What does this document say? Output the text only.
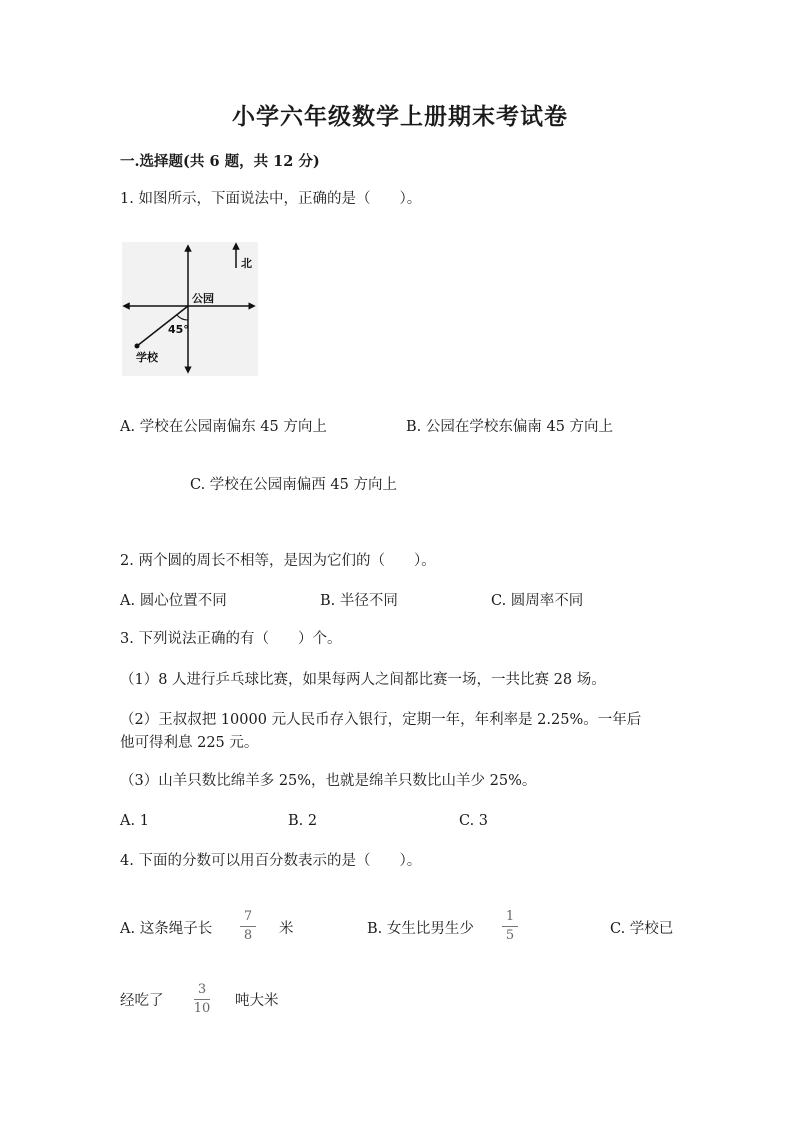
小学六年级数学上册期末考试卷
一.选择题(共 6 题，共 12 分)
1. 如图所示，下面说法中，正确的是（　　）。
北
公园
45°
学校
A. 学校在公园南偏东 45 方向上	B. 公园在学校东偏南 45 方向上
C. 学校在公园南偏西 45 方向上
2. 两个圆的周长不相等，是因为它们的（　　）。
A. 圆心位置不同	B. 半径不同	C. 圆周率不同
3. 下列说法正确的有（　　）个。
（1）8 人进行乒乓球比赛，如果每两人之间都比赛一场，一共比赛 28 场。
（2）王叔叔把 10000 元人民币存入银行，定期一年，年利率是 2.25%。一年后
他可得利息 225 元。
（3）山羊只数比绵羊多 25%，也就是绵羊只数比山羊少 25%。
A. 1	B. 2	C. 3
4. 下面的分数可以用百分数表示的是（　　）。
A. 这条绳子长
7
8	米	B. 女生比男生少
1
5	C. 学校已
经吃了
3
10 吨大米
